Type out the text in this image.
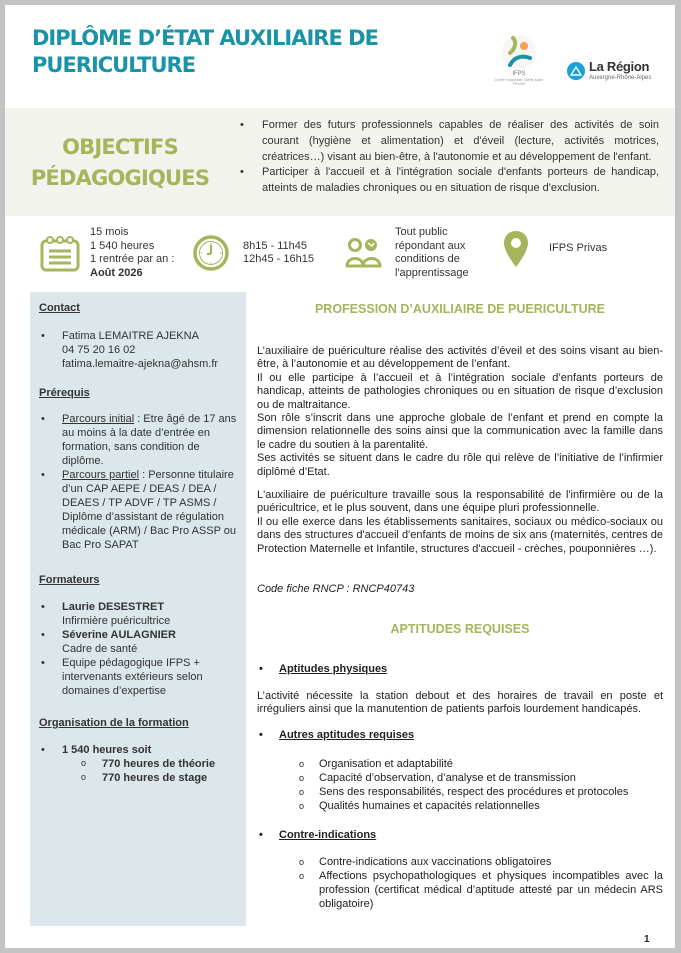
DIPLÔME D’ÉTAT AUXILIAIRE DE
PUERICULTURE	IFPS
Centre Hospitalier Sainte-Marie
PRIVAS
La Région
Auvergne-Rhône-Alpes
OBJECTIFS
PÉDAGOGIQUES
• Former des futurs professionnels capables de réaliser des activités de soin courant (hygiène et alimentation) et d'éveil (lecture, activités motrices, créatrices…) visant au bien-être, à l'autonomie et au développement de l'enfant.
• Participer à l'accueil et à l'intégration sociale d'enfants porteurs de handicap, atteints de maladies chroniques ou en situation de risque d'exclusion.
15 mois
1 540 heures
1 rentrée par an :
Août 2026
8h15 - 11h45
12h45 - 16h15
Tout public
répondant aux
conditions de
l'apprentissage
IFPS Privas
Contact
• Fatima LEMAITRE AJEKNA
04 75 20 16 02
fatima.lemaitre-ajekna@ahsm.fr
Prérequis
• Parcours initial : Etre âgé de 17 ans au moins à la date d’entrée en formation, sans condition de diplôme.
• Parcours partiel : Personne titulaire d’un CAP AEPE / DEAS / DEA / DEAES / TP ADVF / TP ASMS / Diplôme d’assistant de régulation médicale (ARM) / Bac Pro ASSP ou Bac Pro SAPAT
Formateurs
• Laurie DESESTRET
Infirmière puéricultrice
• Séverine AULAGNIER
Cadre de santé
• Equipe pédagogique IFPS + intervenants extérieurs selon domaines d’expertise
Organisation de la formation
• 1 540 heures soit
o 770 heures de théorie
o 770 heures de stage
PROFESSION D’AUXILIAIRE DE PUERICULTURE
L’auxiliaire de puériculture réalise des activités d’éveil et des soins visant au bien-être, à l’autonomie et au développement de l’enfant.
Il ou elle participe à l’accueil et à l’intégration sociale d’enfants porteurs de handicap, atteints de pathologies chroniques ou en situation de risque d’exclusion ou de maltraitance.
Son rôle s’inscrit dans une approche globale de l’enfant et prend en compte la dimension relationnelle des soins ainsi que la communication avec la famille dans le cadre du soutien à la parentalité.
Ses activités se situent dans le cadre du rôle qui relève de l’initiative de l’infirmier diplômé d’Etat.
L'auxiliaire de puériculture travaille sous la responsabilité de l'infirmière ou de la puéricultrice, et le plus souvent, dans une équipe pluri professionnelle.
Il ou elle exerce dans les établissements sanitaires, sociaux ou médico-sociaux ou dans des structures d'accueil d'enfants de moins de six ans (maternités, centres de Protection Maternelle et Infantile, structures d'accueil - crèches, pouponnières …).
Code fiche RNCP : RNCP40743
APTITUDES REQUISES
• Aptitudes physiques
L’activité nécessite la station debout et des horaires de travail en poste et irréguliers ainsi que la manutention de patients parfois lourdement handicapés.
• Autres aptitudes requises
o Organisation et adaptabilité
o Capacité d’observation, d’analyse et de transmission
o Sens des responsabilités, respect des procédures et protocoles
o Qualités humaines et capacités relationnelles
• Contre-indications
o Contre-indications aux vaccinations obligatoires
o Affections psychopathologiques et physiques incompatibles avec la profession (certificat médical d’aptitude attesté par un médecin ARS obligatoire)
1
